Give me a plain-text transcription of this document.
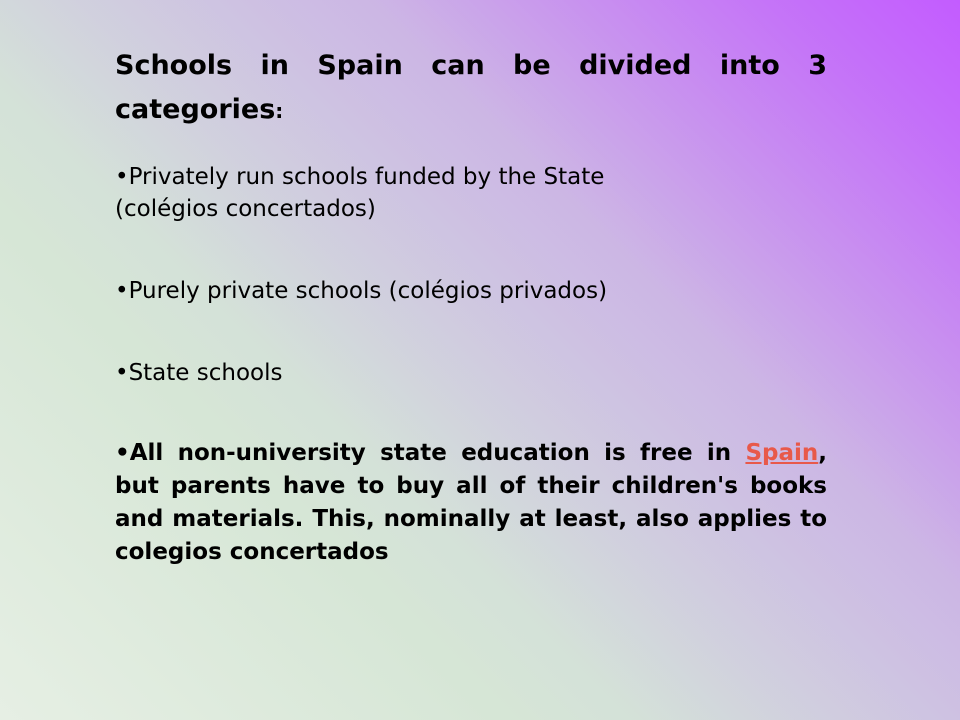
Schools in Spain can be divided into 3 categories:

•Privately run schools funded by the State
(colégios concertados)

•Purely private schools (colégios privados)

•State schools

•All non-university state education is free in Spain, but parents have to buy all of their children's books and materials. This, nominally at least, also applies to colegios concertados
